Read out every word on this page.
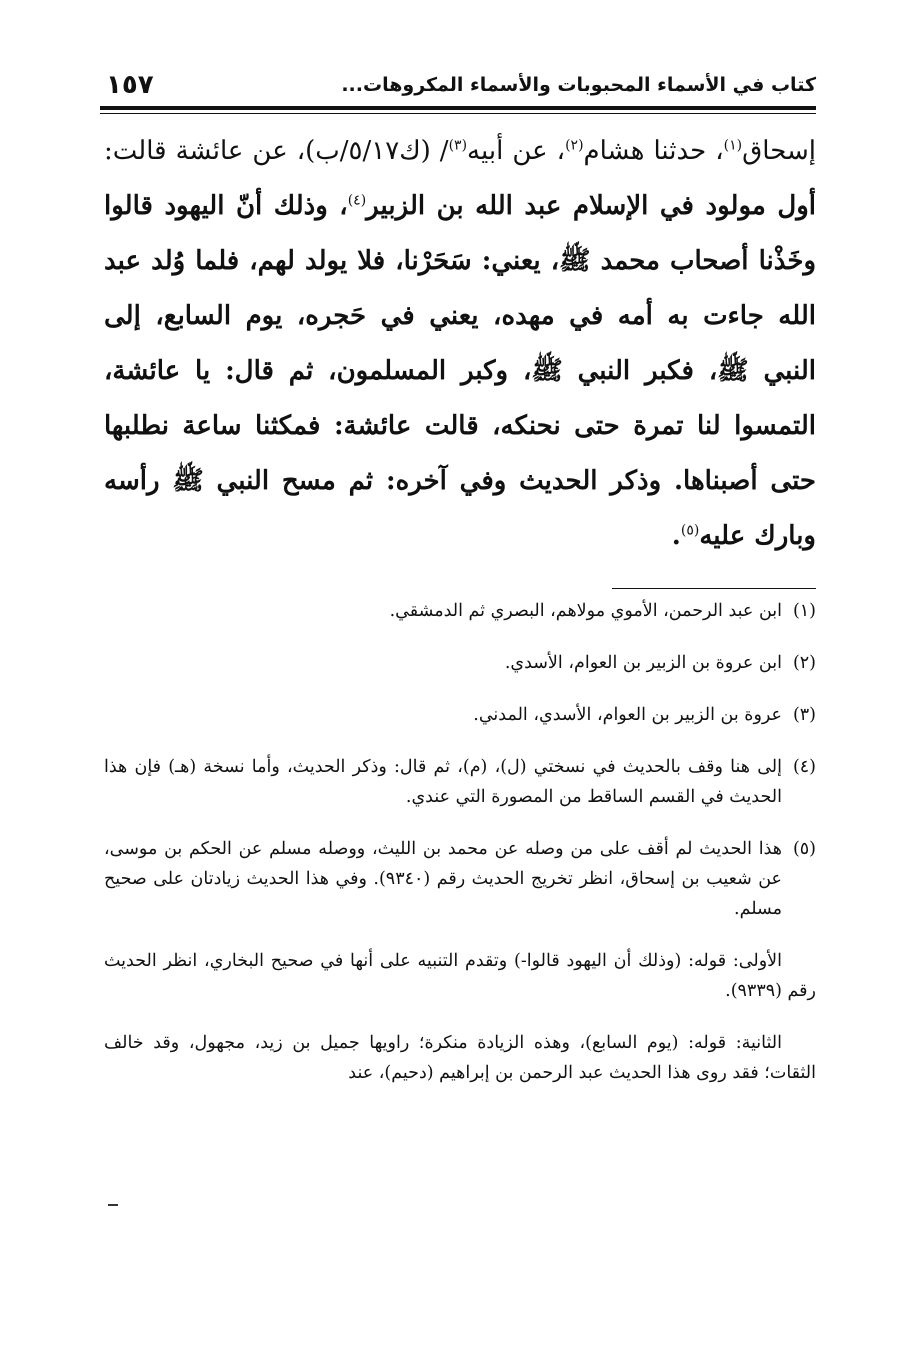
كتاب في الأسماء المحبوبات والأسماء المكروهات...
١٥٧
إسحاق$^{(١)}$، حدثنا هشام$^{(٢)}$، عن أبيه$^{(٣)}$/ (ك٥/١٧/ب)، عن عائشة قالت: أول مولود في الإسلام عبد الله بن الزبير$^{(٤)}$، وذلك أنّ اليهود قالوا وخَذْنا أصحاب محمد ﷺ، يعني: سَحَرْنا، فلا يولد لهم، فلما وُلد عبد الله جاءت به أمه في مهده، يعني في حَجره، يوم السابع، إلى النبي ﷺ، فكبر النبي ﷺ، وكبر المسلمون، ثم قال: يا عائشة، التمسوا لنا تمرة حتى نحنكه، قالت عائشة: فمكثنا ساعة نطلبها حتى أصبناها. وذكر الحديث وفي آخره: ثم مسح النبي ﷺ رأسه وبارك عليه$^{(٥)}$.
(١)
ابن عبد الرحمن، الأموي مولاهم، البصري ثم الدمشقي.
(٢)
ابن عروة بن الزبير بن العوام، الأسدي.
(٣)
عروة بن الزبير بن العوام، الأسدي، المدني.
(٤)
إلى هنا وقف بالحديث في نسختي (ل)، (م)، ثم قال: وذكر الحديث، وأما نسخة (هـ) فإن هذا الحديث في القسم الساقط من المصورة التي عندي.
(٥)
هذا الحديث لم أقف على من وصله عن محمد بن الليث، ووصله مسلم عن الحكم بن موسى، عن شعيب بن إسحاق، انظر تخريج الحديث رقم (٩٣٤٠). وفي هذا الحديث زيادتان على صحيح مسلم.
الأولى: قوله: (وذلك أن اليهود قالوا-) وتقدم التنبيه على أنها في صحيح البخاري، انظر الحديث رقم (٩٣٣٩).
الثانية: قوله: (يوم السابع)، وهذه الزيادة منكرة؛ راويها جميل بن زيد، مجهول، وقد خالف الثقات؛ فقد روى هذا الحديث عبد الرحمن بن إبراهيم (دحيم)، عند
